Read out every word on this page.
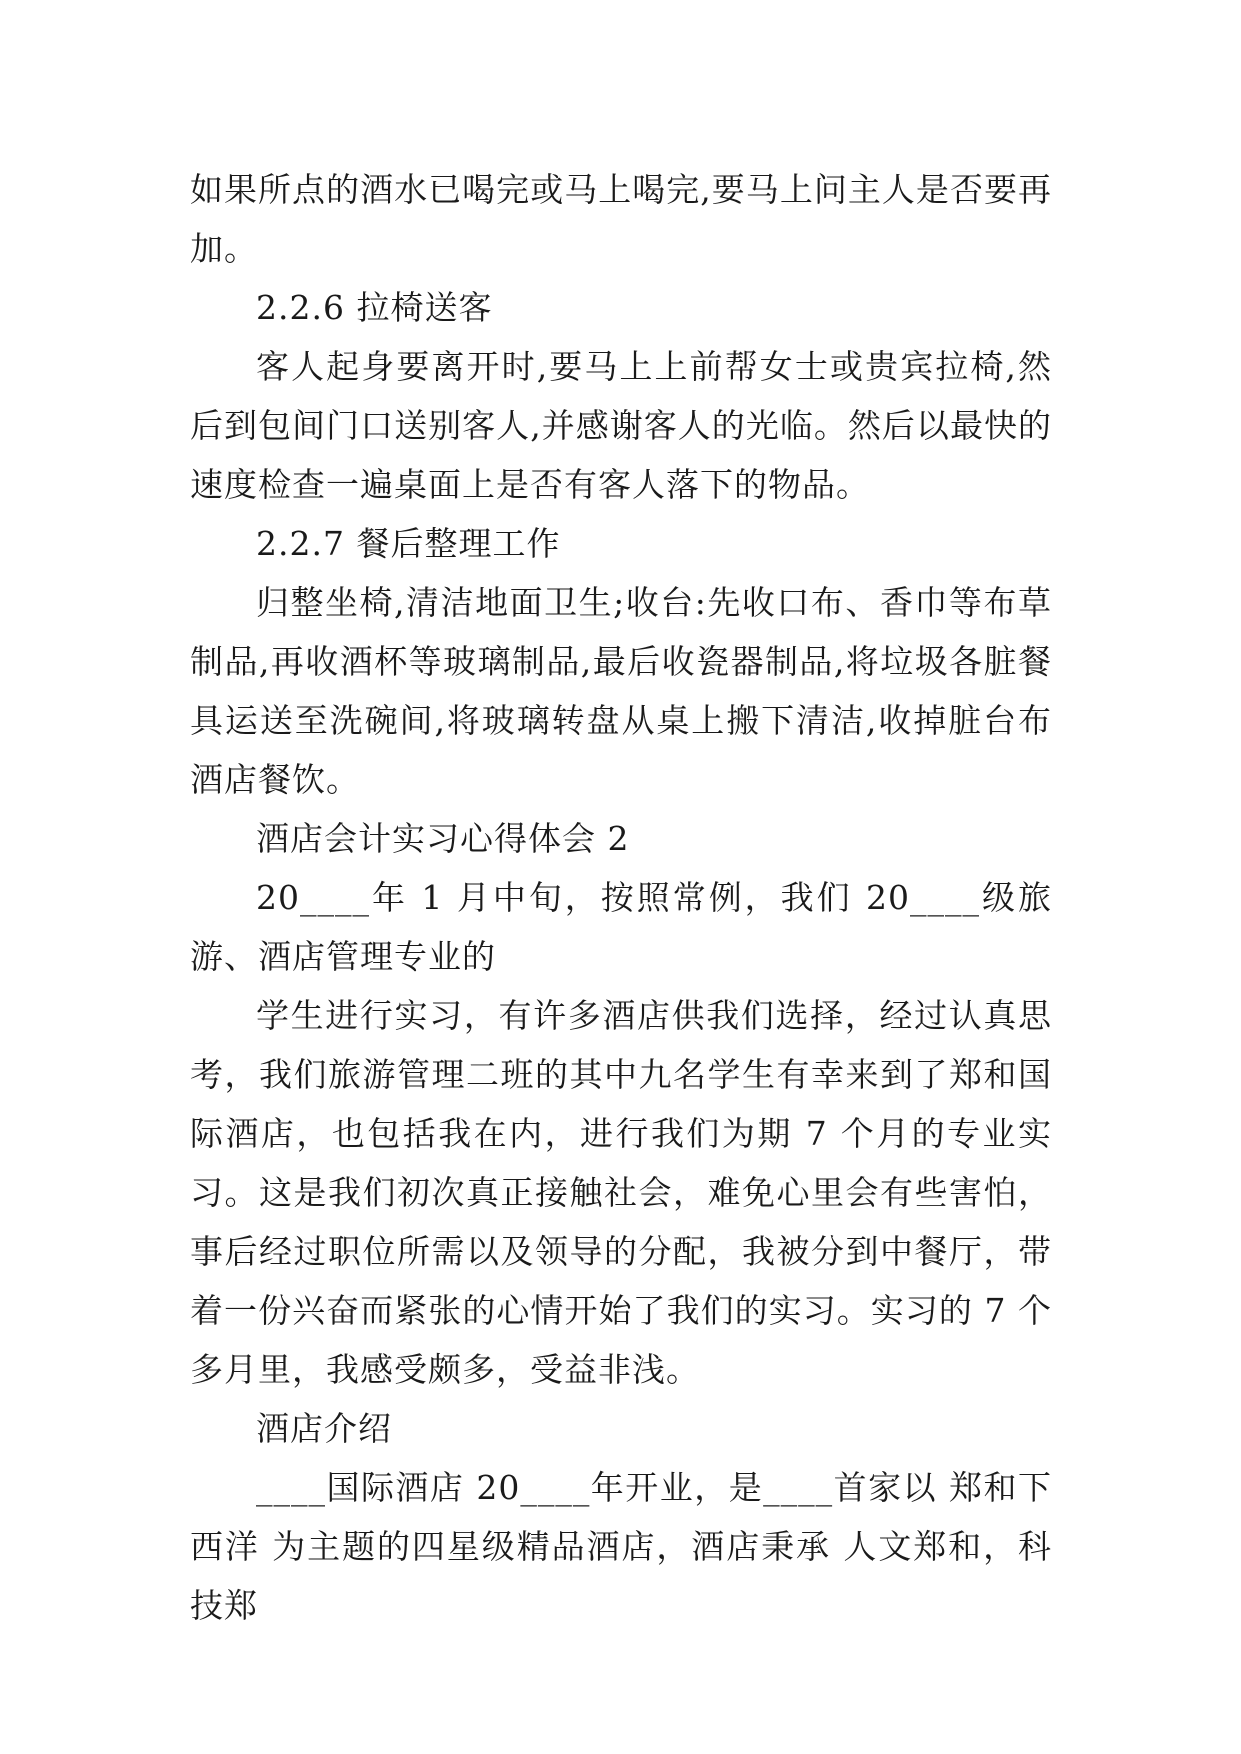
如果所点的酒水已喝完或马上喝完,要马上问主人是否要再加。

2.2.6 拉椅送客

客人起身要离开时,要马上上前帮女士或贵宾拉椅,然后到包间门口送别客人,并感谢客人的光临。然后以最快的速度检查一遍桌面上是否有客人落下的物品。

2.2.7 餐后整理工作

归整坐椅,清洁地面卫生;收台:先收口布、香巾等布草制品,再收酒杯等玻璃制品,最后收瓷器制品,将垃圾各脏餐具运送至洗碗间,将玻璃转盘从桌上搬下清洁,收掉脏台布酒店餐饮。

酒店会计实习心得体会 2

20____年 1 月中旬，按照常例，我们 20____级旅游、酒店管理专业的

学生进行实习，有许多酒店供我们选择，经过认真思考，我们旅游管理二班的其中九名学生有幸来到了郑和国际酒店，也包括我在内，进行我们为期 7 个月的专业实习。这是我们初次真正接触社会，难免心里会有些害怕，事后经过职位所需以及领导的分配，我被分到中餐厅，带着一份兴奋而紧张的心情开始了我们的实习。实习的 7 个多月里，我感受颇多，受益非浅。

酒店介绍

____国际酒店 20____年开业，是____首家以 郑和下西洋 为主题的四星级精品酒店，酒店秉承 人文郑和，科技郑
